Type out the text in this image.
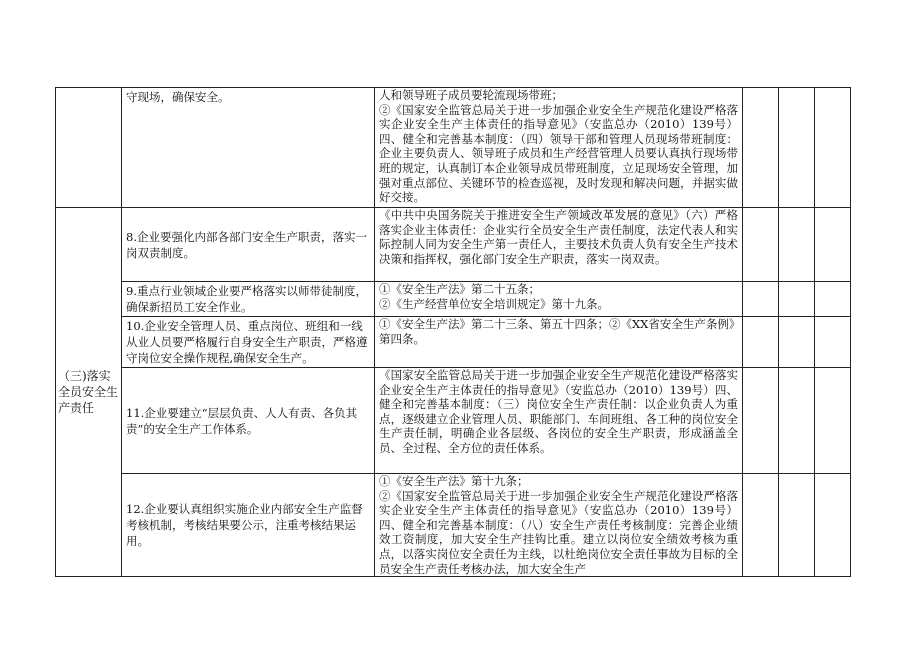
	守现场，确保安全。	人和领导班子成员要轮流现场带班；
②《国家安全监管总局关于进一步加强企业安全生产规范化建设严格落实企业安全生产主体责任的指导意见》（安监总办（2010）139号）四、健全和完善基本制度：（四）领导干部和管理人员现场带班制度：企业主要负责人、领导班子成员和生产经营管理人员要认真执行现场带班的规定，认真制订本企业领导成员带班制度，立足现场安全管理，加强对重点部位、关键环节的检查巡视，及时发现和解决问题，并据实做好交接。			

（三)落实全员安全生产责任	8.企业要强化内部各部门安全生产职责，落实一岗双责制度。	《中共中央国务院关于推进安全生产领域改革发展的意见》（六）严格落实企业主体责任：企业实行全员安全生产责任制度，法定代表人和实际控制人同为安全生产第一责任人，主要技术负责人负有安全生产技术决策和指挥权，强化部门安全生产职责，落实一岗双责。			

	9.重点行业领域企业要严格落实以师带徒制度，确保新招员工安全作业。	①《安全生产法》第二十五条；
②《生产经营单位安全培训规定》第十九条。			

	10.企业安全管理人员、重点岗位、班组和一线从业人员要严格履行自身安全生产职责，严格遵守岗位安全操作规程,确保安全生产。	①《安全生产法》第二十三条、第五十四条；②《XX省安全生产条例》第四条。			

	11.企业要建立“层层负责、人人有责、各负其责”的安全生产工作体系。	《国家安全监管总局关于进一步加强企业安全生产规范化建设严格落实企业安全生产主体责任的指导意见》（安监总办（2010）139号）四、健全和完善基本制度：（三）岗位安全生产责任制：以企业负责人为重点，逐级建立企业管理人员、职能部门、车间班组、各工种的岗位安全生产责任制，明确企业各层级、各岗位的安全生产职责，形成涵盖全员、全过程、全方位的责任体系。			

	12.企业要认真组织实施企业内部安全生产监督考核机制，考核结果要公示，注重考核结果运用。	①《安全生产法》第十九条；
②《国家安全监管总局关于进一步加强企业安全生产规范化建设严格落实企业安全生产主体责任的指导意见》（安监总办（2010）139号）四、健全和完善基本制度：（八）安全生产责任考核制度：完善企业绩效工资制度，加大安全生产挂钩比重。建立以岗位安全绩效考核为重点，以落实岗位安全责任为主线，以杜绝岗位安全责任事故为目标的全员安全生产责任考核办法，加大安全生产			
